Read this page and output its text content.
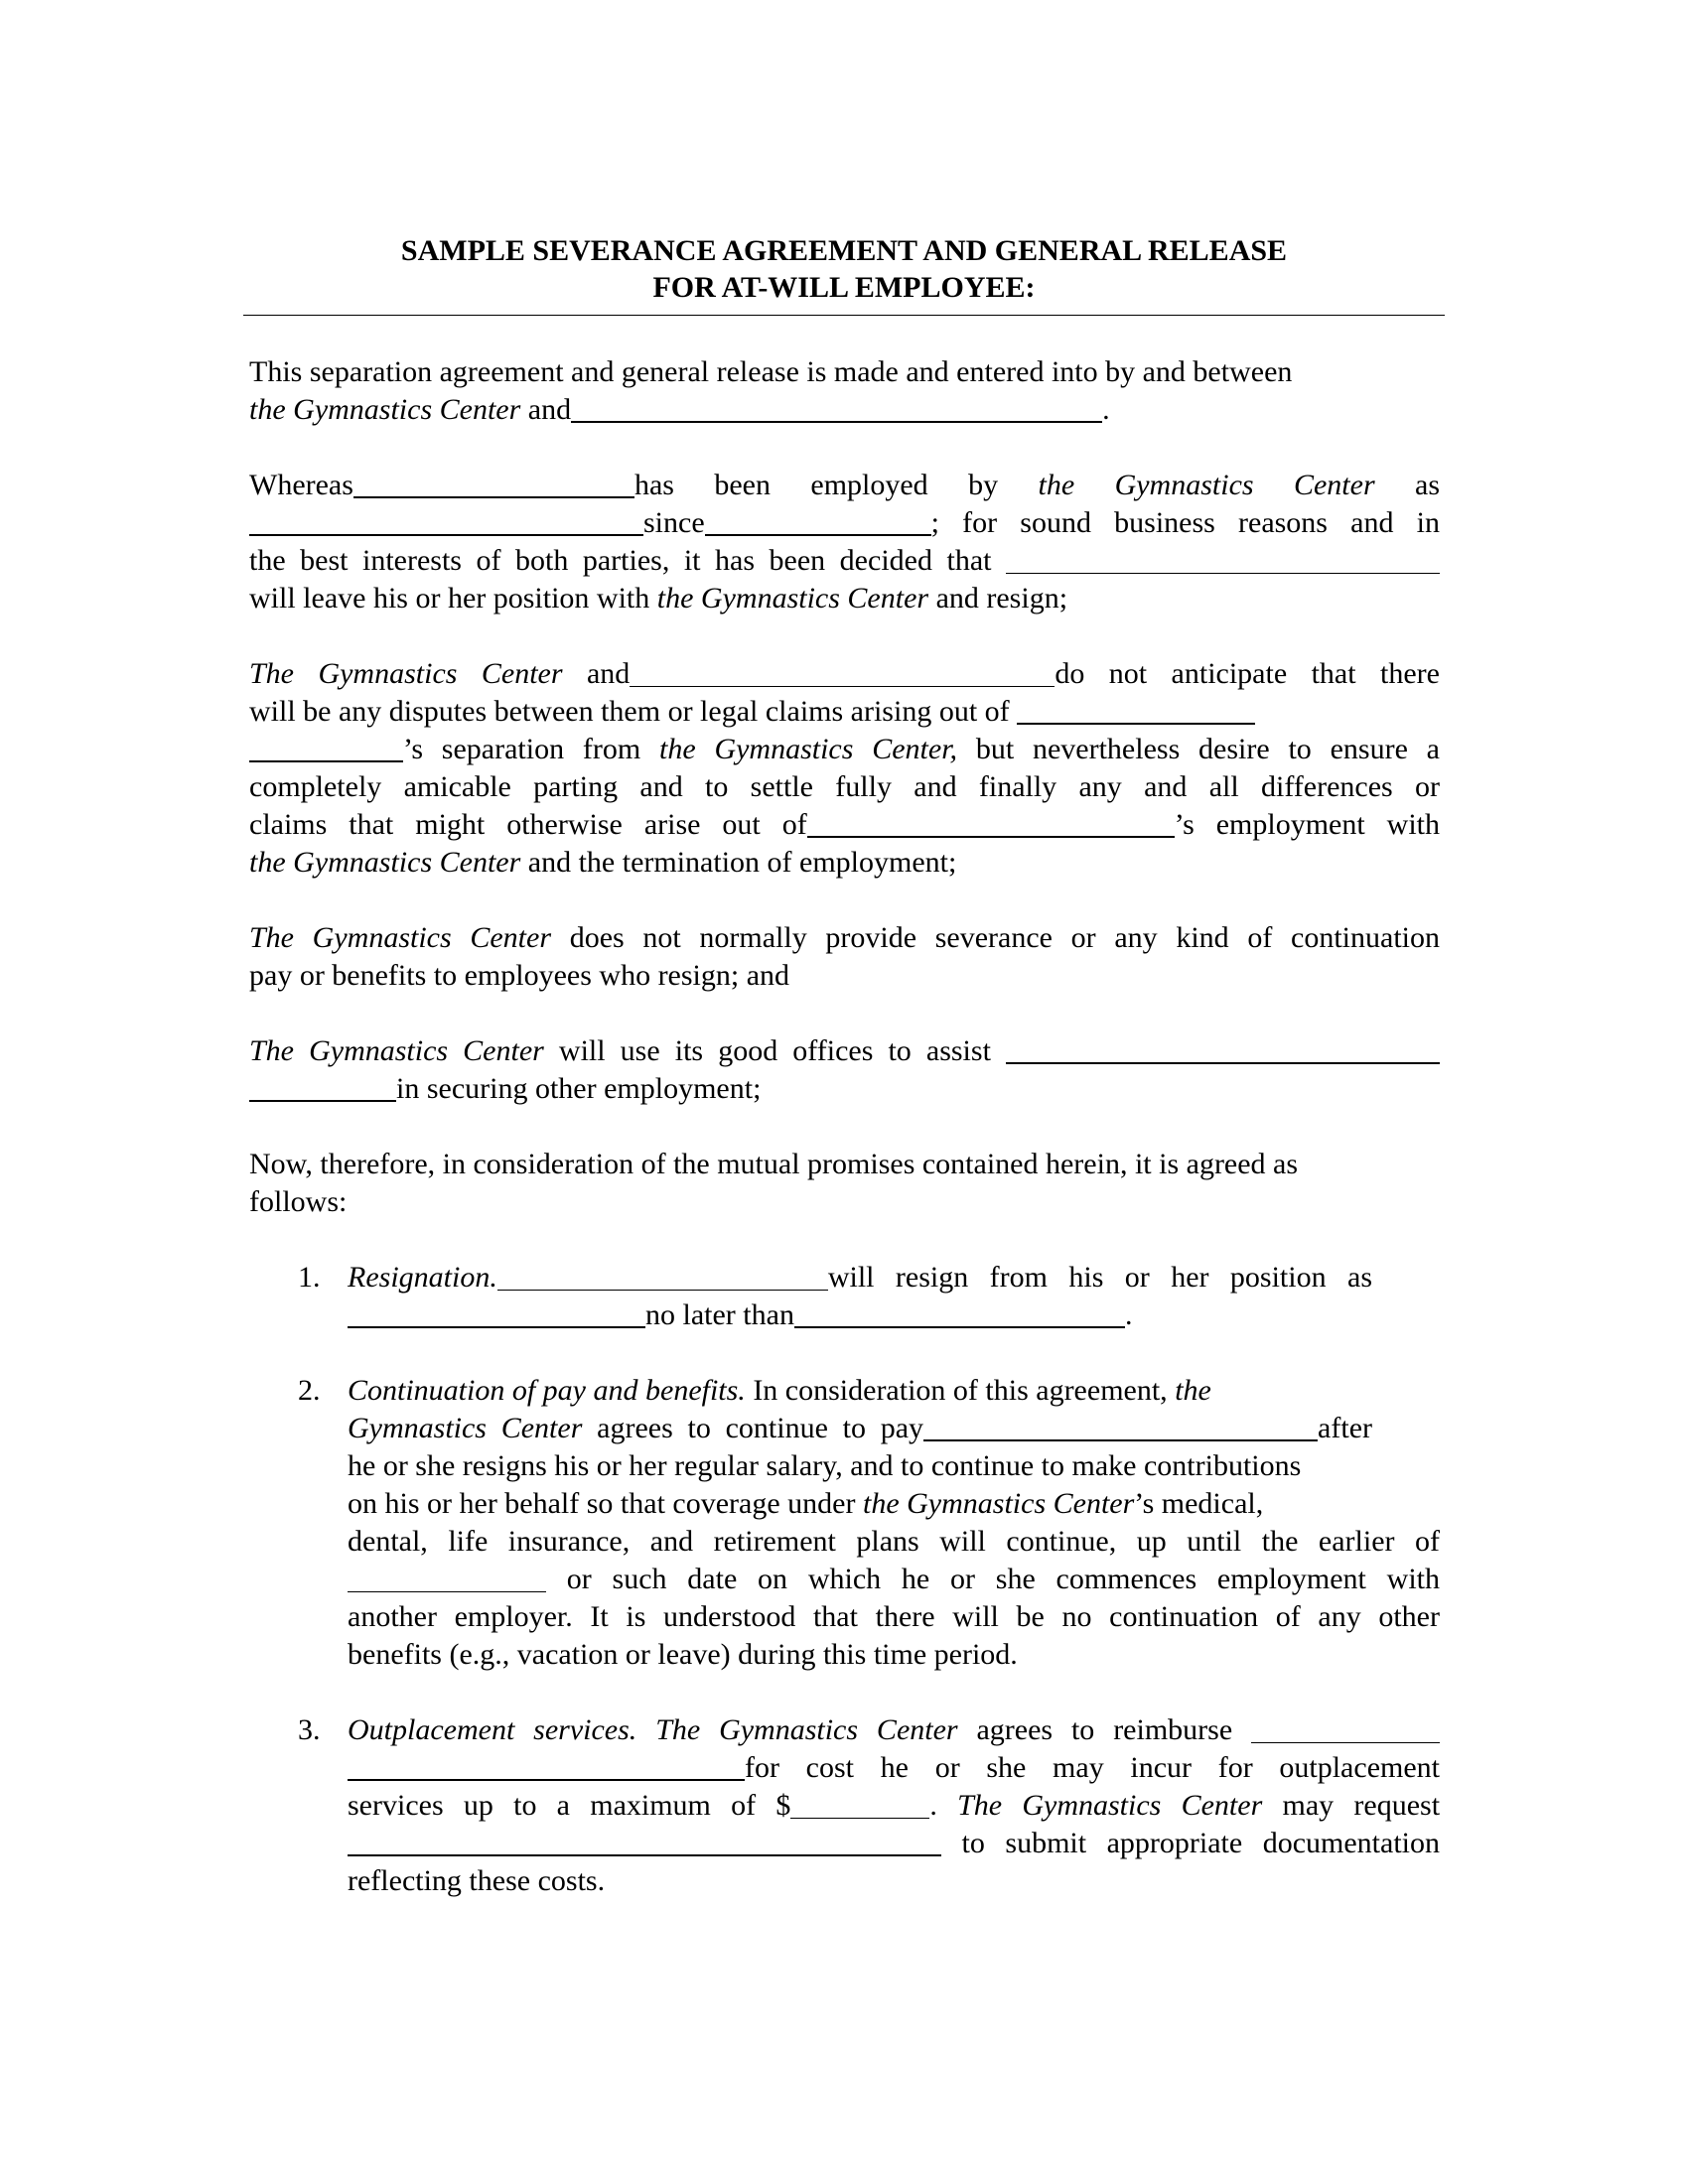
SAMPLE SEVERANCE AGREEMENT AND GENERAL RELEASE
FOR AT-WILL EMPLOYEE:

This separation agreement and general release is made and entered into by and between
the Gymnastics Center and	.

Whereas	has been employed by the Gymnastics Center as
since	; for sound business reasons and in
the best interests of both parties, it has been decided that
will leave his or her position with the Gymnastics Center and resign;

The Gymnastics Center and	do not anticipate that there
will be any disputes between them or legal claims arising out of
’s separation from the Gymnastics Center, but nevertheless desire to ensure a
completely amicable parting and to settle fully and finally any and all differences or
claims that might otherwise arise out of	’s employment with
the Gymnastics Center and the termination of employment;

The Gymnastics Center does not normally provide severance or any kind of continuation
pay or benefits to employees who resign; and

The Gymnastics Center will use its good offices to assist
in securing other employment;

Now, therefore, in consideration of the mutual promises contained herein, it is agreed as
follows:

1. Resignation.	will resign from his or her position as
no later than	.
2. Continuation of pay and benefits. In consideration of this agreement, the
Gymnastics Center agrees to continue to pay	after
he or she resigns his or her regular salary, and to continue to make contributions
on his or her behalf so that coverage under the Gymnastics Center’s medical,
dental, life insurance, and retirement plans will continue, up until the earlier of
or such date on which he or she commences employment with
another employer. It is understood that there will be no continuation of any other
benefits (e.g., vacation or leave) during this time period.
3. Outplacement services. The Gymnastics Center agrees to reimburse
for cost he or she may incur for outplacement
services up to a maximum of $	. The Gymnastics Center may request
to submit appropriate documentation
reflecting these costs.
